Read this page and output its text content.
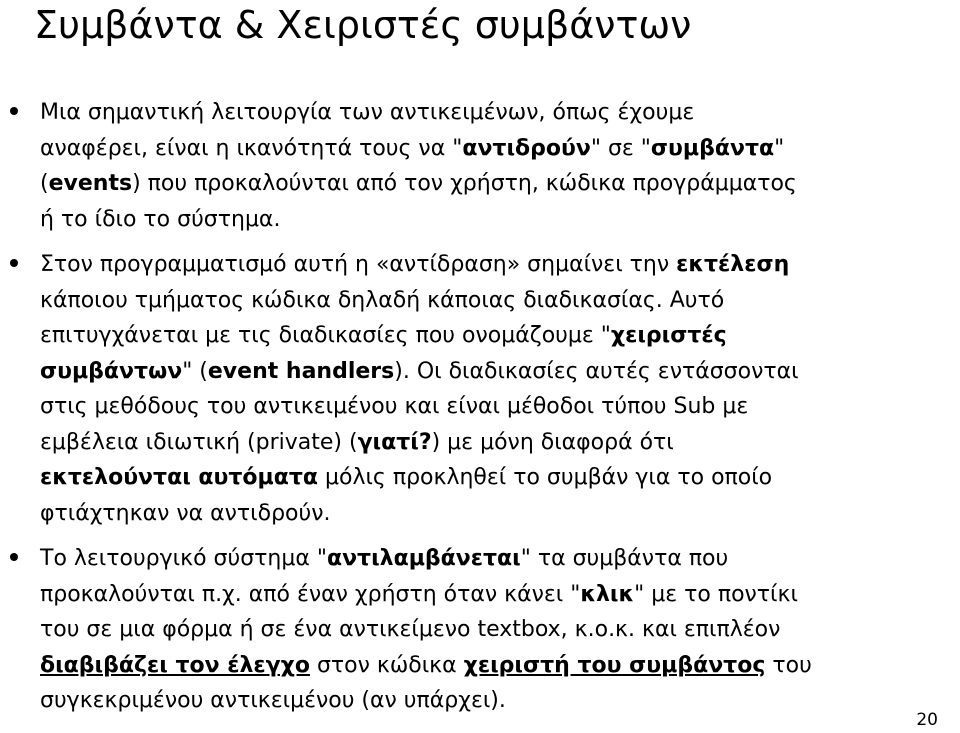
Συμβάντα & Χειριστές συμβάντων
Μια σημαντική λειτουργία των αντικειμένων, όπως έχουμε
αναφέρει, είναι η ικανότητά τους να "αντιδρούν" σε "συμβάντα"
(events) που προκαλούνται από τον χρήστη, κώδικα προγράμματος
ή το ίδιο το σύστημα.
Στον προγραμματισμό αυτή η «αντίδραση» σημαίνει την εκτέλεση
κάποιου τμήματος κώδικα δηλαδή κάποιας διαδικασίας. Αυτό
επιτυγχάνεται με τις διαδικασίες που ονομάζουμε "χειριστές
συμβάντων" (event handlers). Οι διαδικασίες αυτές εντάσσονται
στις μεθόδους του αντικειμένου και είναι μέθοδοι τύπου Sub με
εμβέλεια ιδιωτική (private) (γιατί?) με μόνη διαφορά ότι
εκτελούνται αυτόματα μόλις προκληθεί το συμβάν για το οποίο
φτιάχτηκαν να αντιδρούν.
Το λειτουργικό σύστημα "αντιλαμβάνεται" τα συμβάντα που
προκαλούνται π.χ. από έναν χρήστη όταν κάνει "κλικ" με το ποντίκι
του σε μια φόρμα ή σε ένα αντικείμενο textbox, κ.ο.κ. και επιπλέον
διαβιβάζει τον έλεγχο στον κώδικα χειριστή του συμβάντος του
συγκεκριμένου αντικειμένου (αν υπάρχει).
20
